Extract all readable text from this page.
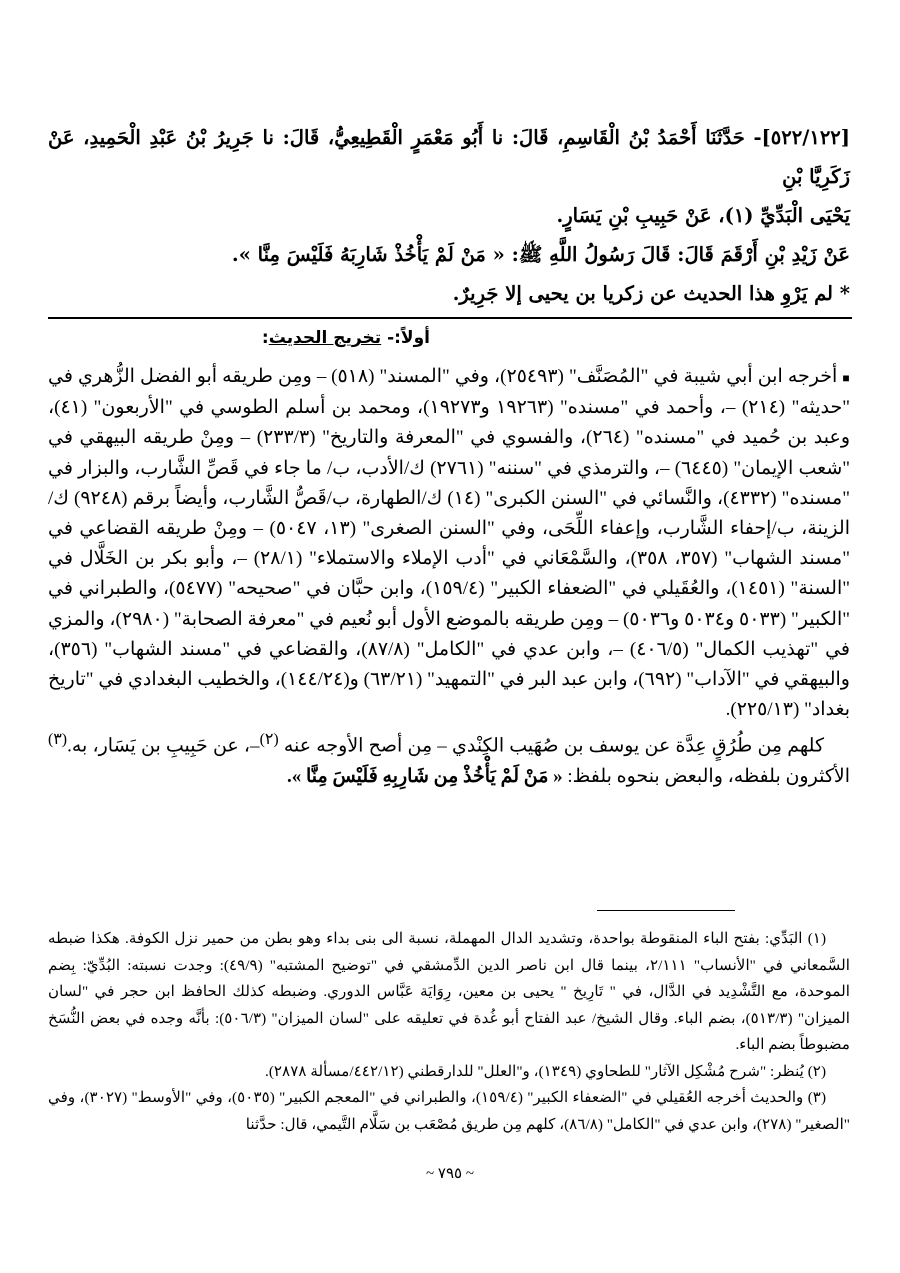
[٥٢٢/١٢٢]- حَدَّثَنَا أَحْمَدُ بْنُ الْقَاسِمِ، قَالَ: نا أَبُو مَعْمَرٍ الْقَطِيعِيُّ، قَالَ: نا جَرِيرُ بْنُ عَبْدِ الْحَمِيدِ، عَنْ زَكَرِيَّا بْنِ

يَحْيَى الْبَدِّيِّ (١)، عَنْ حَبِيبِ بْنِ يَسَارٍ.

عَنْ زَيْدِ بْنِ أَرْقَمَ قَالَ: قَالَ رَسُولُ اللَّهِ ﷺ: « مَنْ لَمْ يَأْخُذْ شَارِبَهُ فَلَيْسَ مِنَّا ».

* لم يَرْوِ هذا الحديث عن زكريا بن يحيى إلا جَرِيرٌ.

أولاً:- تخريج الحديث:

■ أخرجه ابن أبي شيبة في "المُصَنَّف" (٢٥٤٩٣)، وفي "المسند" (٥١٨) – ومِن طريقه أبو الفضل الزُّهري في "حديثه" (٢١٤) –، وأحمد في "مسنده" (١٩٢٦٣ و١٩٢٧٣)، ومحمد بن أسلم الطوسي في "الأربعون" (٤١)، وعبد بن حُميد في "مسنده" (٢٦٤)، والفسوي في "المعرفة والتاريخ" (٢٣٣/٣) – ومِنْ طريقه البيهقي في "شعب الإيمان" (٦٤٤٥) –، والترمذي في "سننه" (٢٧٦١) ك/الأدب، ب/ ما جاء في قَصِّ الشَّارب، والبزار في "مسنده" (٤٣٣٢)، والنَّسائي في "السنن الكبرى" (١٤) ك/الطهارة، ب/قَصُّ الشَّارب، وأيضاً برقم (٩٢٤٨) ك/الزينة، ب/إحفاء الشَّارب، وإعفاء اللِّحَى، وفي "السنن الصغرى" (١٣، ٥٠٤٧) – ومِنْ طريقه القضاعي في "مسند الشهاب" (٣٥٧، ٣٥٨)، والسَّمْعَاني في "أدب الإملاء والاستملاء" (٢٨/١) –، وأبو بكر بن الخَلَّال في "السنة" (١٤٥١)، والعُقَيلي في "الضعفاء الكبير" (١٥٩/٤)، وابن حبَّان في "صحيحه" (٥٤٧٧)، والطبراني في "الكبير" (٥٠٣٣ و٥٠٣٤ و٥٠٣٦) – ومِن طريقه بالموضع الأول أبو نُعيم في "معرفة الصحابة" (٢٩٨٠)، والمزي في "تهذيب الكمال" (٤٠٦/٥) –، وابن عدي في "الكامل" (٨٧/٨)، والقضاعي في "مسند الشهاب" (٣٥٦)، والبيهقي في "الآداب" (٦٩٢)، وابن عبد البر في "التمهيد" (٦٣/٢١) و(١٤٤/٢٤)، والخطيب البغدادي في "تاريخ بغداد" (٢٢٥/١٣).

كلهم مِن طُرُقٍ عِدَّة عن يوسف بن صُهَيب الكِنْدي – مِن أصح الأوجه عنه $^{(٢)}$–، عن حَبِيبِ بن يَسَار، به.$^{(٣)}$ الأكثرون بلفظه، والبعض بنحوه بلفظ: « مَنْ لَمْ يَأْخُذْ مِن شَارِبِهِ فَلَيْسَ مِنَّا ».

(١) البَدِّي: بفتح الباء المنقوطة بواحدة، وتشديد الدال المهملة، نسبة الى بنى بداء وهو بطن من حمير نزل الكوفة. هكذا ضبطه السَّمعاني في "الأنساب" ٢/١١١، بينما قال ابن ناصر الدين الدِّمشقي في "توضيح المشتبه" (٤٩/٩): وجدت نسبته: البُدِّيّ: بِضم الموحدة، مع التَّشْدِيد في الدَّال، في " تَارِيخ " يحيى بن معين، رِوَايَة عَبَّاس الدوري. وضبطه كذلك الحافظ ابن حجر في "لسان الميزان" (٥١٣/٣)، بضم الباء. وقال الشيخ/ عبد الفتاح أبو غُدة في تعليقه على "لسان الميزان" (٥٠٦/٣): بأنَّه وجده في بعض النُّسَخ مضبوطاً بضم الباء.

(٢) يُنظر: "شرح مُشْكِل الآثار" للطحاوي (١٣٤٩)، و"العلل" للدارقطني (٤٤٢/١٢/مسألة ٢٨٧٨).

(٣) والحديث أخرجه العُقيلي في "الضعفاء الكبير" (١٥٩/٤)، والطبراني في "المعجم الكبير" (٥٠٣٥)، وفي "الأوسط" (٣٠٢٧)، وفي "الصغير" (٢٧٨)، وابن عدي في "الكامل" (٨٦/٨)، كلهم مِن طريق مُصْعَب بن سَلَّام التَّيمي، قال: حدَّثنا

~ ٧٩٥ ~
